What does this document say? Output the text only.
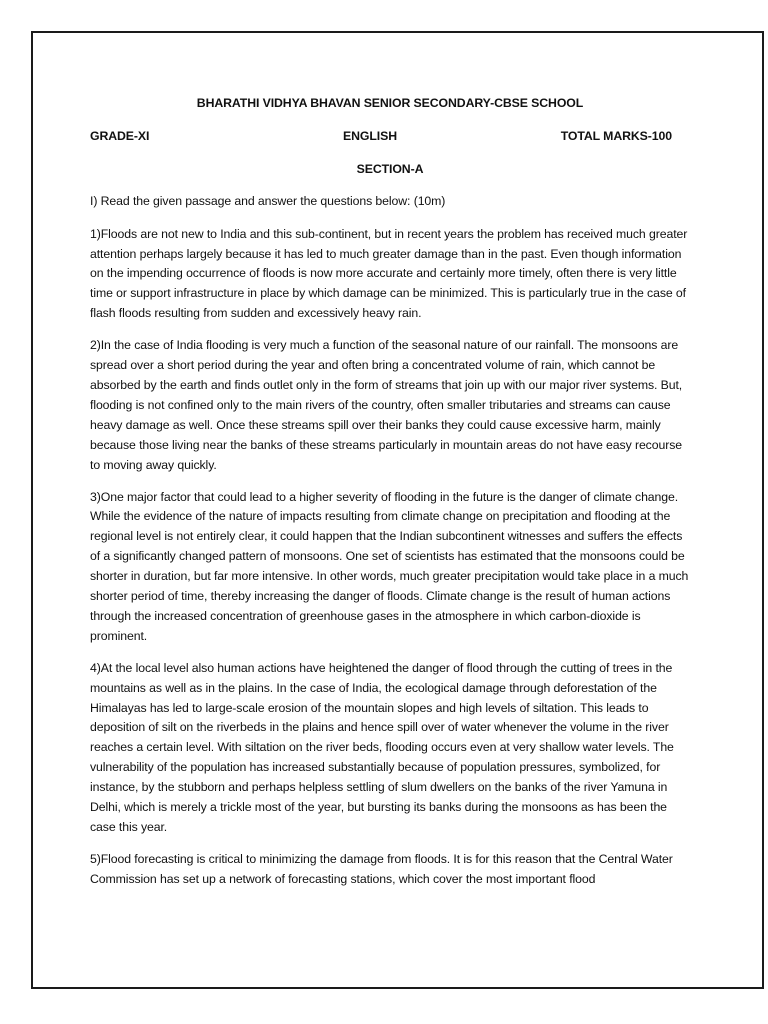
BHARATHI VIDHYA BHAVAN SENIOR SECONDARY-CBSE SCHOOL
GRADE-XI	ENGLISH	TOTAL MARKS-100
SECTION-A

I) Read the given passage and answer the questions below: (10m)

1)Floods are not new to India and this sub-continent, but in recent years the problem has received much greater attention perhaps largely because it has led to much greater damage than in the past. Even though information on the impending occurrence of floods is now more accurate and certainly more timely, often there is very little time or support infrastructure in place by which damage can be minimized. This is particularly true in the case of flash floods resulting from sudden and excessively heavy rain.

2)In the case of India flooding is very much a function of the seasonal nature of our rainfall. The monsoons are spread over a short period during the year and often bring a concentrated volume of rain, which cannot be absorbed by the earth and finds outlet only in the form of streams that join up with our major river systems. But, flooding is not confined only to the main rivers of the country, often smaller tributaries and streams can cause heavy damage as well. Once these streams spill over their banks they could cause excessive harm, mainly because those living near the banks of these streams particularly in mountain areas do not have easy recourse to moving away quickly.

3)One major factor that could lead to a higher severity of flooding in the future is the danger of climate change. While the evidence of the nature of impacts resulting from climate change on precipitation and flooding at the regional level is not entirely clear, it could happen that the Indian subcontinent witnesses and suffers the effects of a significantly changed pattern of monsoons. One set of scientists has estimated that the monsoons could be shorter in duration, but far more intensive. In other words, much greater precipitation would take place in a much shorter period of time, thereby increasing the danger of floods. Climate change is the result of human actions through the increased concentration of greenhouse gases in the atmosphere in which carbon-dioxide is prominent.

4)At the local level also human actions have heightened the danger of flood through the cutting of trees in the mountains as well as in the plains. In the case of India, the ecological damage through deforestation of the Himalayas has led to large-scale erosion of the mountain slopes and high levels of siltation. This leads to deposition of silt on the riverbeds in the plains and hence spill over of water whenever the volume in the river reaches a certain level. With siltation on the river beds, flooding occurs even at very shallow water levels. The vulnerability of the population has increased substantially because of population pressures, symbolized, for instance, by the stubborn and perhaps helpless settling of slum dwellers on the banks of the river Yamuna in Delhi, which is merely a trickle most of the year, but bursting its banks during the monsoons as has been the case this year.

5)Flood forecasting is critical to minimizing the damage from floods. It is for this reason that the Central Water Commission has set up a network of forecasting stations, which cover the most important flood
